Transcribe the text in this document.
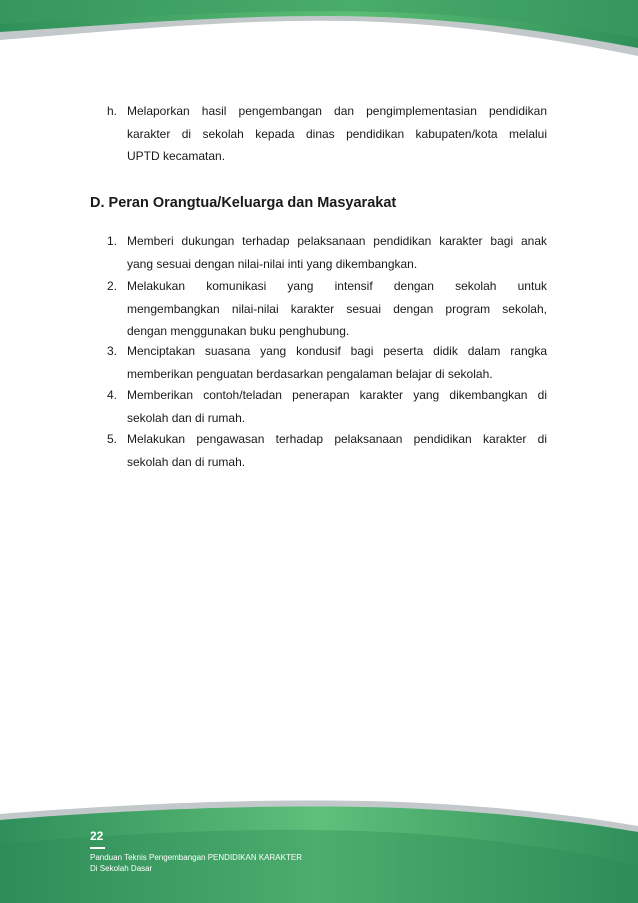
h. Melaporkan hasil pengembangan dan pengimplementasian pendidikan
karakter di sekolah kepada dinas pendidikan kabupaten/kota melalui
UPTD kecamatan.
D. Peran Orangtua/Keluarga dan Masyarakat
1. Memberi dukungan terhadap pelaksanaan pendidikan karakter bagi anak
yang sesuai dengan nilai-nilai inti yang dikembangkan.
2. Melakukan komunikasi yang intensif dengan sekolah untuk
mengembangkan nilai-nilai karakter sesuai dengan program sekolah,
dengan menggunakan buku penghubung.
3. Menciptakan suasana yang kondusif bagi peserta didik dalam rangka
memberikan penguatan berdasarkan pengalaman belajar di sekolah.
4. Memberikan contoh/teladan penerapan karakter yang dikembangkan di
sekolah dan di rumah.
5. Melakukan pengawasan terhadap pelaksanaan pendidikan karakter di
sekolah dan di rumah.
22
Panduan Teknis Pengembangan PENDIDIKAN KARAKTER
Di Sekolah Dasar
